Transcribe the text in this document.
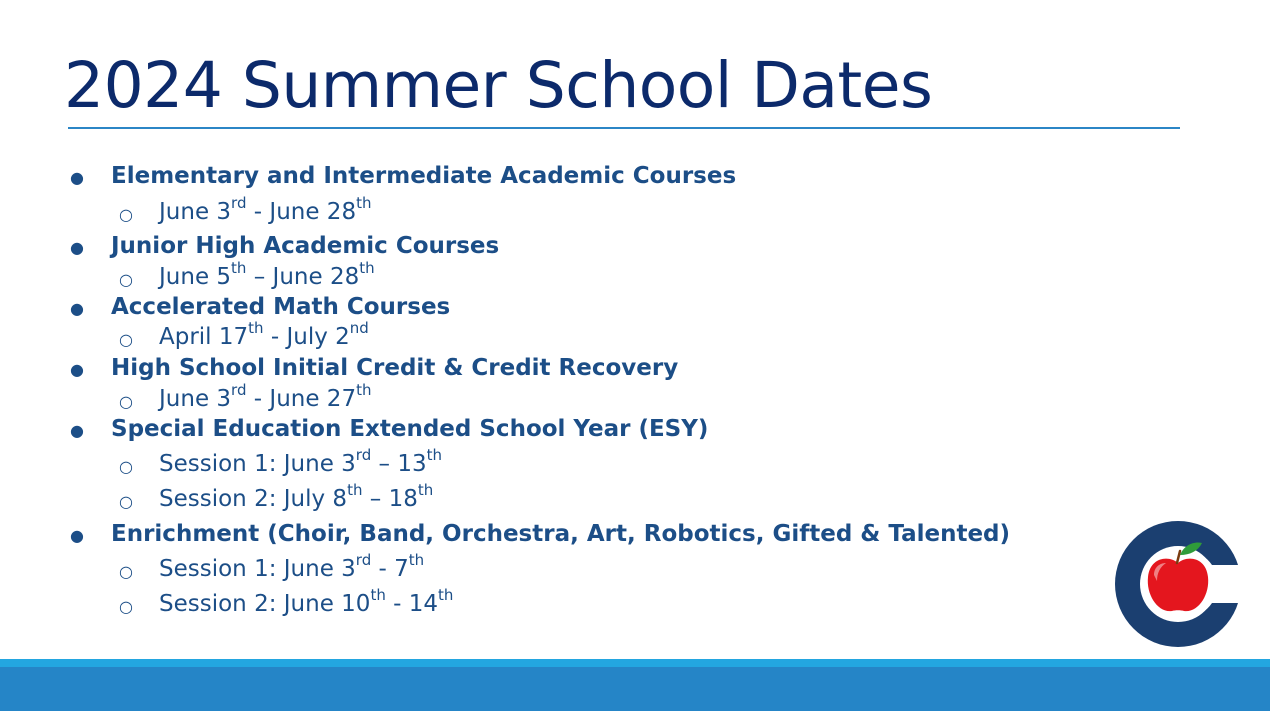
2024 Summer School Dates
● Elementary and Intermediate Academic Courses
○ June 3rd - June 28th
● Junior High Academic Courses
○ June 5th – June 28th
● Accelerated Math Courses
○ April 17th - July 2nd
● High School Initial Credit & Credit Recovery
○ June 3rd - June 27th
● Special Education Extended School Year (ESY)
○ Session 1: June 3rd – 13th
○ Session 2: July 8th – 18th
● Enrichment (Choir, Band, Orchestra, Art, Robotics, Gifted & Talented)
○ Session 1: June 3rd - 7th
○ Session 2: June 10th - 14th
